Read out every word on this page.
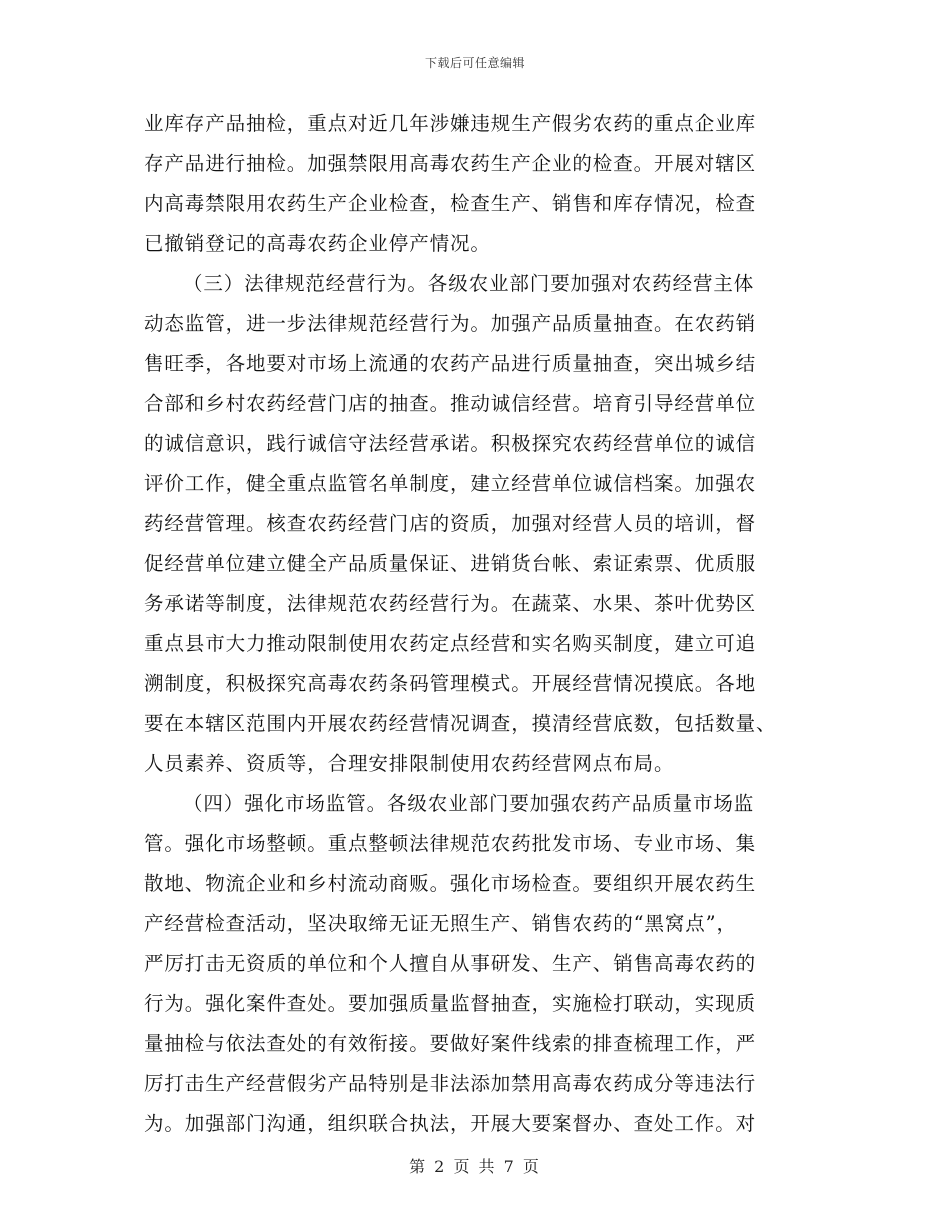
下载后可任意编辑
业库存产品抽检，重点对近几年涉嫌违规生产假劣农药的重点企业库
存产品进行抽检。加强禁限用高毒农药生产企业的检查。开展对辖区
内高毒禁限用农药生产企业检查，检查生产、销售和库存情况，检查
已撤销登记的高毒农药企业停产情况。
（三）法律规范经营行为。各级农业部门要加强对农药经营主体
动态监管，进一步法律规范经营行为。加强产品质量抽查。在农药销
售旺季，各地要对市场上流通的农药产品进行质量抽查，突出城乡结
合部和乡村农药经营门店的抽查。推动诚信经营。培育引导经营单位
的诚信意识，践行诚信守法经营承诺。积极探究农药经营单位的诚信
评价工作，健全重点监管名单制度，建立经营单位诚信档案。加强农
药经营管理。核查农药经营门店的资质，加强对经营人员的培训，督
促经营单位建立健全产品质量保证、进销货台帐、索证索票、优质服
务承诺等制度，法律规范农药经营行为。在蔬菜、水果、茶叶优势区
重点县市大力推动限制使用农药定点经营和实名购买制度，建立可追
溯制度，积极探究高毒农药条码管理模式。开展经营情况摸底。各地
要在本辖区范围内开展农药经营情况调查，摸清经营底数，包括数量、
人员素养、资质等，合理安排限制使用农药经营网点布局。
（四）强化市场监管。各级农业部门要加强农药产品质量市场监
管。强化市场整顿。重点整顿法律规范农药批发市场、专业市场、集
散地、物流企业和乡村流动商贩。强化市场检查。要组织开展农药生
产经营检查活动，坚决取缔无证无照生产、销售农药的“黑窝点”，
严厉打击无资质的单位和个人擅自从事研发、生产、销售高毒农药的
行为。强化案件查处。要加强质量监督抽查，实施检打联动，实现质
量抽检与依法查处的有效衔接。要做好案件线索的排查梳理工作，严
厉打击生产经营假劣产品特别是非法添加禁用高毒农药成分等违法行
为。加强部门沟通，组织联合执法，开展大要案督办、查处工作。对
第 2 页 共 7 页
